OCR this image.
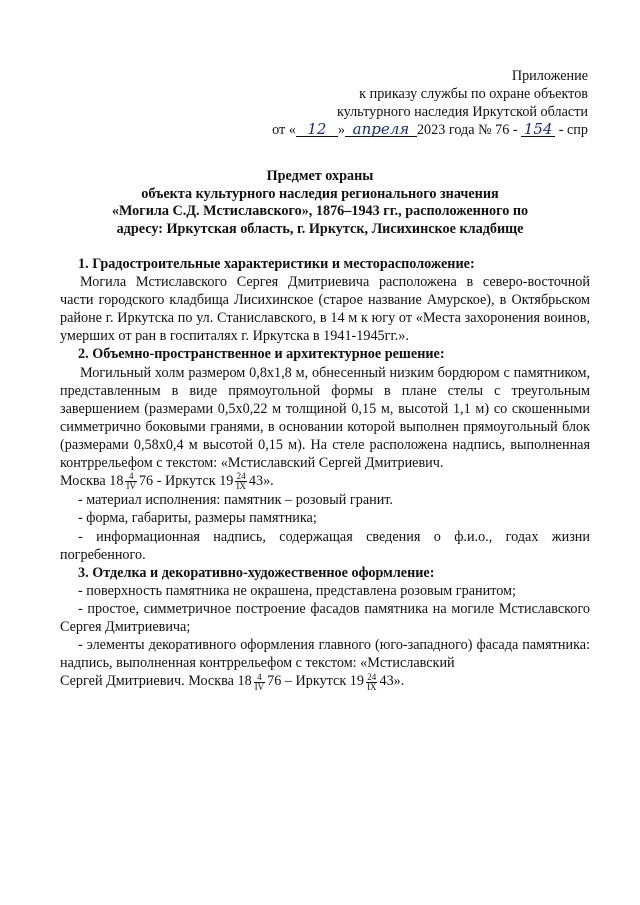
Приложение
к приказу службы по охране объектов
культурного наследия Иркутской области
от « 12 » апреля 2023 года № 76 - 154 - спр
Предмет охраны
объекта культурного наследия регионального значения
«Могила С.Д. Мстиславского», 1876–1943 гг., расположенного по
адресу: Иркутская область, г. Иркутск, Лисихинское кладбище

1. Градостроительные характеристики и месторасположение:

Могила Мстиславского Сергея Дмитриевича расположена в северо-восточной части городского кладбища Лисихинское (старое название Амурское), в Октябрьском районе г. Иркутска по ул. Станиславского, в 14 м к югу от «Места захоронения воинов, умерших от ран в госпиталях г. Иркутска в 1941-1945гг.».

2. Объемно-пространственное и архитектурное решение:

Могильный холм размером 0,8х1,8 м, обнесенный низким бордюром с памятником, представленным в виде прямоугольной формы в плане стелы с треугольным завершением (размерами 0,5х0,22 м толщиной 0,15 м, высотой 1,1 м) со скошенными симметрично боковыми гранями, в основании которой выполнен прямоугольный блок (размерами 0,58х0,4 м высотой 0,15 м). На стеле расположена надпись, выполненная контррельефом с текстом: «Мстиславский Сергей Дмитриевич.

Москва $18 \frac{4}{IV} 76$ - Иркутск $19 \frac{24}{IX} 43$».

- материал исполнения: памятник – розовый гранит.

- форма, габариты, размеры памятника;

- информационная надпись, содержащая сведения о ф.и.о., годах жизни погребенного.

3. Отделка и декоративно-художественное оформление:

- поверхность памятника не окрашена, представлена розовым гранитом;

- простое, симметричное построение фасадов памятника на могиле Мстиславского Сергея Дмитриевича;

- элементы декоративного оформления главного (юго-западного) фасада памятника: надпись, выполненная контррельефом с текстом: «Мстиславский

Сергей Дмитриевич. Москва $18 \frac{4}{IV} 76$ – Иркутск $19 \frac{24}{IX} 43$».
